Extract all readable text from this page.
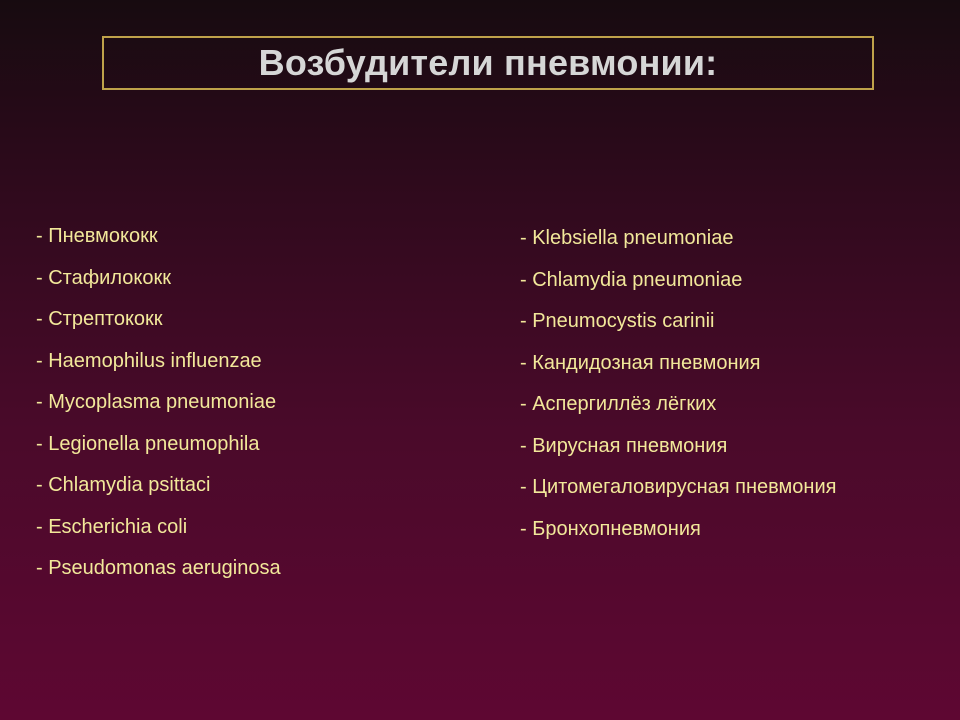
Возбудители пневмонии:
- Пневмококк
- Стафилококк
- Стрептококк
- Haemophilus influenzae
- Mycoplasma pneumoniae
- Legionella pneumophila
- Chlamydia psittaci
- Escherichia coli
- Pseudomonas aeruginosa
- Klebsiella pneumoniae
- Chlamydia pneumoniae
- Pneumocystis carinii
- Кандидозная пневмония
- Аспергиллёз лёгких
- Вирусная пневмония
- Цитомегаловирусная пневмония
- Бронхопневмония
